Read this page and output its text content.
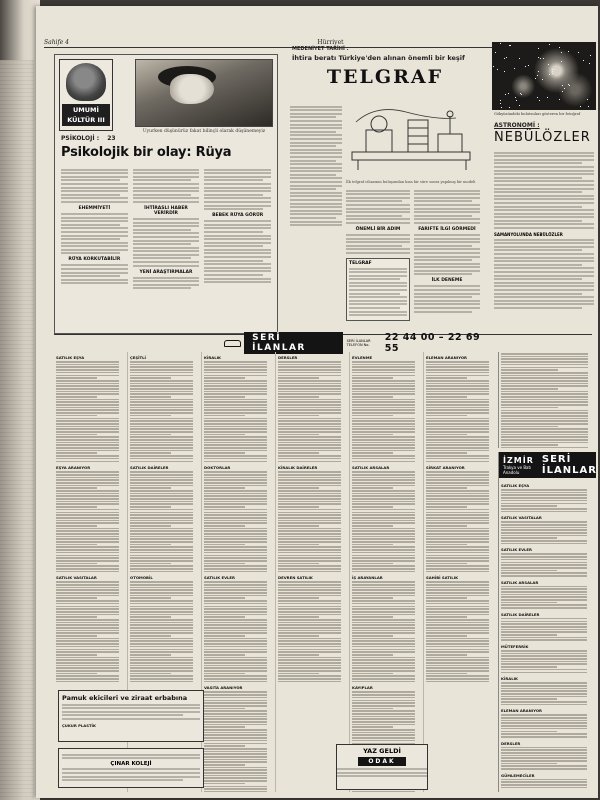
Sahife 4	Hürriyet
UMUMİ
KÜLTÜR III
Uyurken düşünürüz fakat bilinçli olarak düşünemeyiz
PSİKOLOJİ : 23
Psikolojik bir olay: Rüya
EHEMMİYETİ
RÜYA KORKUTABİLİR
İHTİRASLI HABER VERİRDİR
YENİ ARAŞTIRMALAR
BEBEK RÜYA GÖRÜR
MEDENİYET TARİHİ :
İhtira beratı Türkiye'den alınan önemli bir keşif
TELGRAF
İlk telgraf cihazının buluşundan kısa bir süre sonra yapılmış bir modeli
ÖNEMLİ BİR ADIM
TELGRAF
FARIFTE İLGİ GÖRMEDİ
İLK DENEME
Gökyüzündeki bulutsuları gösteren bir fotoğraf
ASTRONOMİ :
NEBÜLÖZLER
SAMANYOLUNDA NEBÜLÖZLER
SERİ İLANLAR
SERİ İLANLAR TELEFON No.
22 44 00 – 22 69 55
SATILIK EŞYA
EŞYA ARANIYOR
SATILIK VASITALAR
ÇEŞİTLİ
SATILIK DAİRELER
OTOMOBİL
KİRALIK
DOKTORLAR
SATILIK EVLER
VASITA ARANIYOR
DERSLER
KİRALIK DAİRELER
DEVREN SATILIK
EVLENME
SATILIK ARSALAR
İŞ ARAYANLAR
KAYIPLAR
ELEMAN ARANIYOR
SİRKAT ARANIYOR
SAHİBİ SATILIK
Pamuk ekicileri ve ziraat erbabına
ÇUKUR PLASTİK
ÇINAR KOLEJİ
YAZ GELDİ
ODAK
İZMİR
Trakya ve Batı Anadolu
SERİ İLANLAR
SATILIK EŞYA
SATILIK VASITALAR
SATILIK EVLER
SATILIK ARSALAR
SATILIK DAİRELER
MÜTEFERRİK
KİRALIK
ELEMAN ARANIYOR
DERSLER
GÜMLEMECİLER
